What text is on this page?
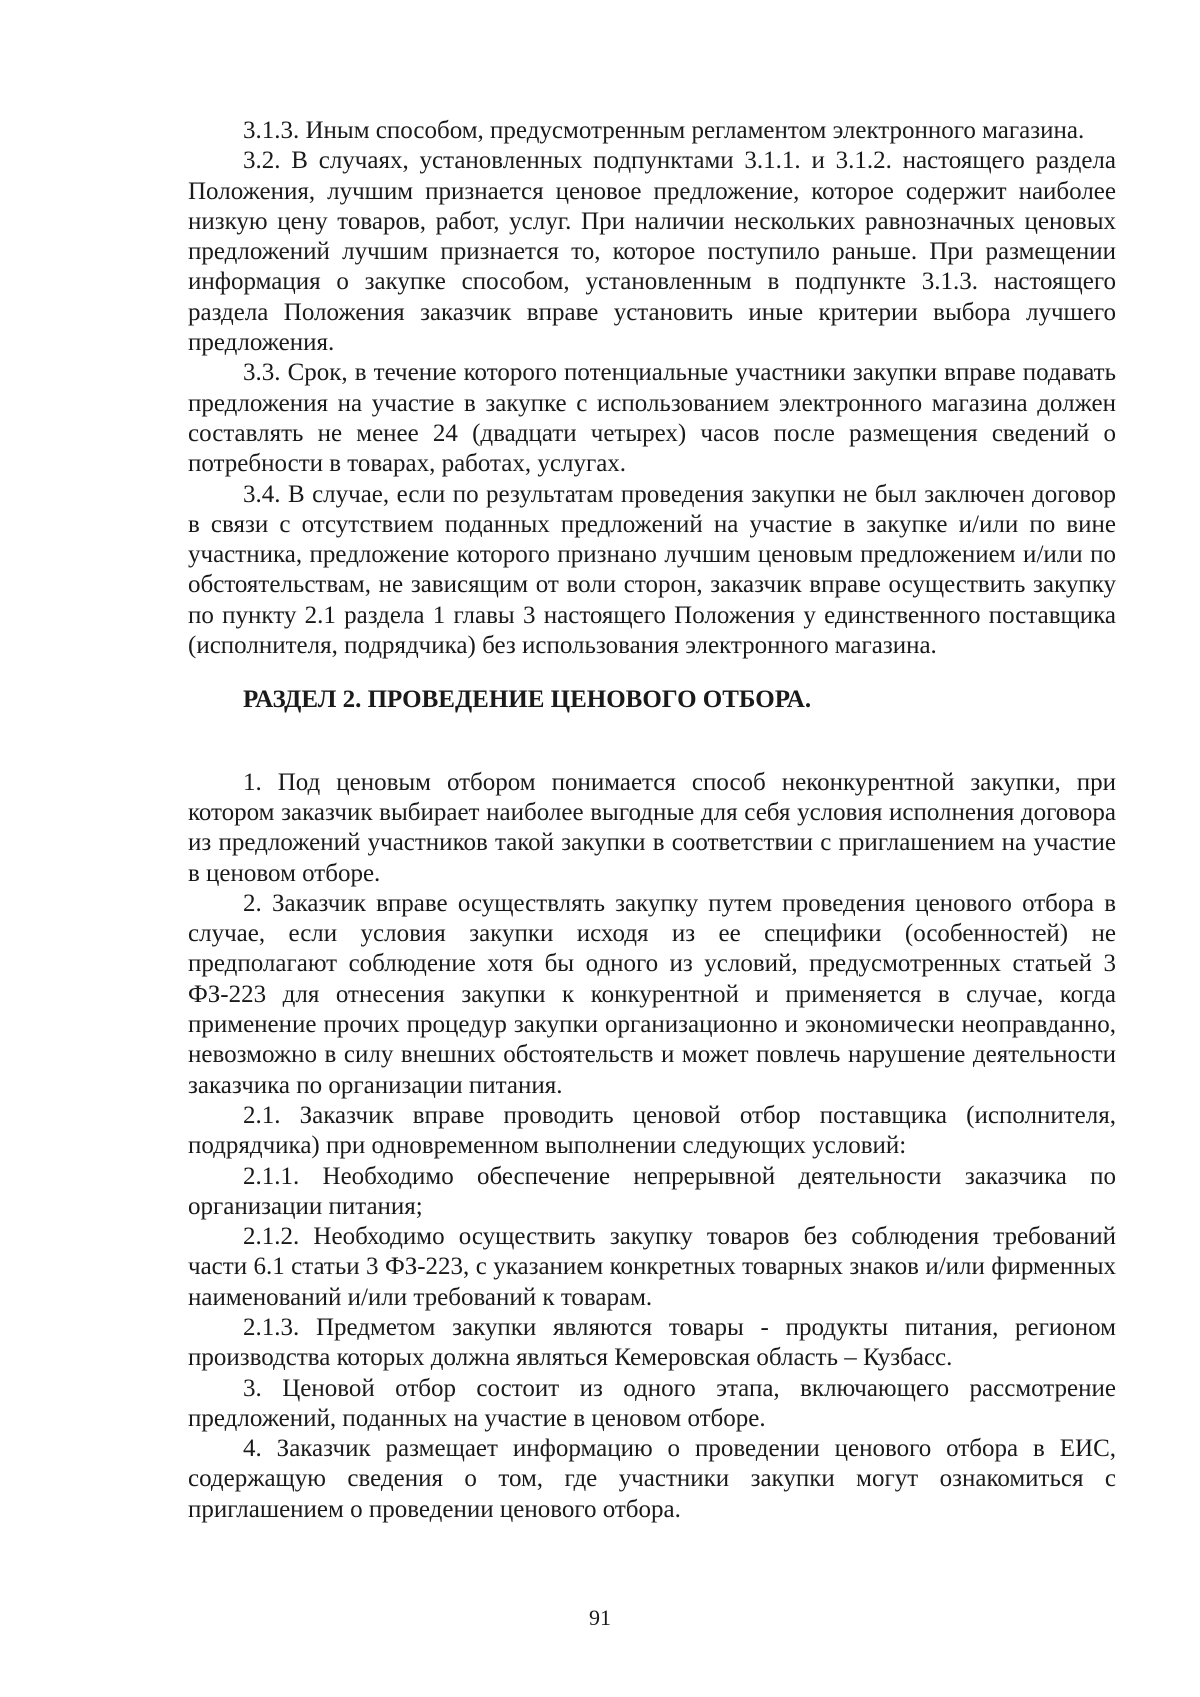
3.1.3. Иным способом, предусмотренным регламентом электронного магазина.

3.2. В случаях, установленных подпунктами 3.1.1. и 3.1.2. настоящего раздела Положения, лучшим признается ценовое предложение, которое содержит наиболее низкую цену товаров, работ, услуг. При наличии нескольких равнозначных ценовых предложений лучшим признается то, которое поступило раньше. При размещении информация о закупке способом, установленным в подпункте 3.1.3. настоящего раздела Положения заказчик вправе установить иные критерии выбора лучшего предложения.

3.3. Срок, в течение которого потенциальные участники закупки вправе подавать предложения на участие в закупке с использованием электронного магазина должен составлять не менее 24 (двадцати четырех) часов после размещения сведений о потребности в товарах, работах, услугах.

3.4. В случае, если по результатам проведения закупки не был заключен договор в связи с отсутствием поданных предложений на участие в закупке и/или по вине участника, предложение которого признано лучшим ценовым предложением и/или по обстоятельствам, не зависящим от воли сторон, заказчик вправе осуществить закупку по пункту 2.1 раздела 1 главы 3 настоящего Положения у единственного поставщика (исполнителя, подрядчика) без использования электронного магазина.

РАЗДЕЛ 2. ПРОВЕДЕНИЕ ЦЕНОВОГО ОТБОРА.

1. Под ценовым отбором понимается способ неконкурентной закупки, при котором заказчик выбирает наиболее выгодные для себя условия исполнения договора из предложений участников такой закупки в соответствии с приглашением на участие в ценовом отборе.

2. Заказчик вправе осуществлять закупку путем проведения ценового отбора в случае, если условия закупки исходя из ее специфики (особенностей) не предполагают соблюдение хотя бы одного из условий, предусмотренных статьей 3 ФЗ-223 для отнесения закупки к конкурентной и применяется в случае, когда применение прочих процедур закупки организационно и экономически неоправданно, невозможно в силу внешних обстоятельств и может повлечь нарушение деятельности заказчика по организации питания.

2.1. Заказчик вправе проводить ценовой отбор поставщика (исполнителя, подрядчика) при одновременном выполнении следующих условий:

2.1.1. Необходимо обеспечение непрерывной деятельности заказчика по организации питания;

2.1.2. Необходимо осуществить закупку товаров без соблюдения требований части 6.1 статьи 3 ФЗ-223, с указанием конкретных товарных знаков и/или фирменных наименований и/или требований к товарам.

2.1.3. Предметом закупки являются товары - продукты питания, регионом производства которых должна являться Кемеровская область – Кузбасс.

3. Ценовой отбор состоит из одного этапа, включающего рассмотрение предложений, поданных на участие в ценовом отборе.

4. Заказчик размещает информацию о проведении ценового отбора в ЕИС, содержащую сведения о том, где участники закупки могут ознакомиться с приглашением о проведении ценового отбора.

91
